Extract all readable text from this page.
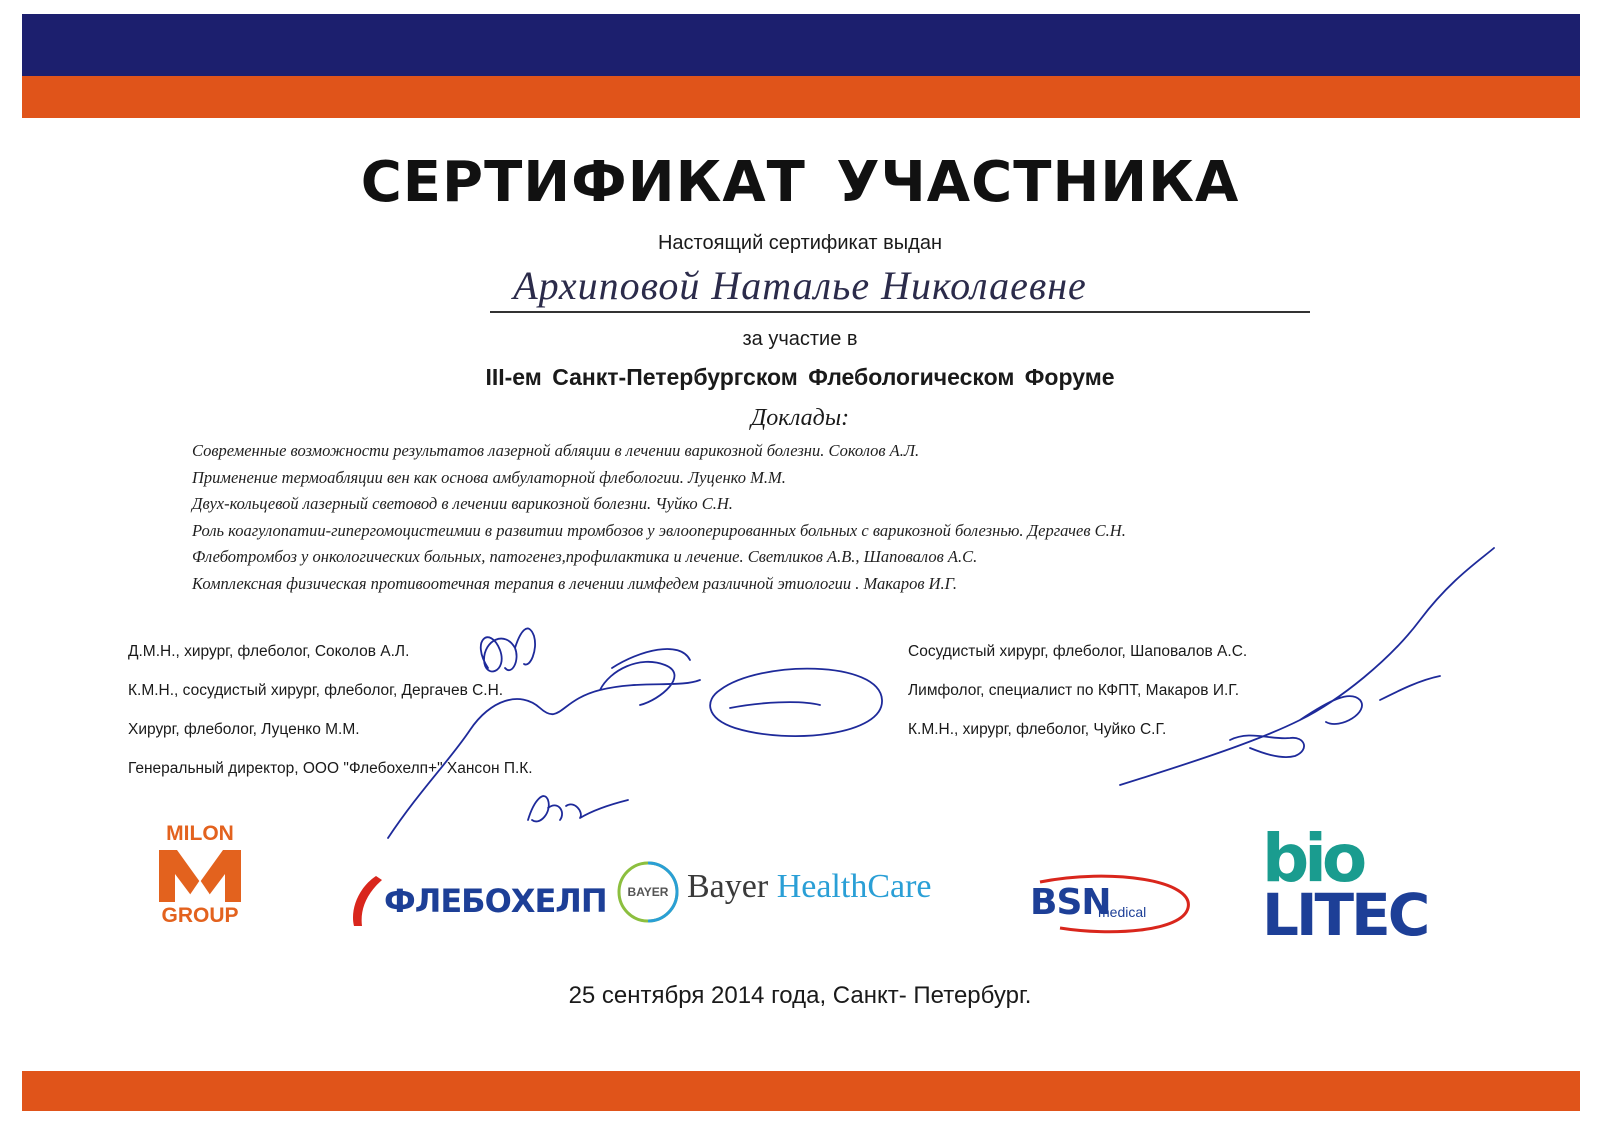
СЕРТИФИКАТ УЧАСТНИКА
Настоящий сертификат выдан
Архиповой Наталье Николаевне
за участие в
III-ем Санкт-Петербургском Флебологическом Форуме
Доклады:
Современные возможности результатов лазерной абляции в лечении варикозной болезни. Соколов А.Л.
Применение термоабляции вен как основа амбулаторной флебологии. Луценко М.М.
Двух-кольцевой лазерный световод в лечении варикозной болезни. Чуйко С.Н.
Роль коагулопатии-гипергомоцистеимии в развитии тромбозов у эвлооперированных больных с варикозной болезнью. Дергачев С.Н.
Флеботромбоз у онкологических больных, патогенез,профилактика и лечение. Светликов А.В., Шаповалов А.С.
Комплексная физическая противоотечная терапия в лечении лимфедем различной этиологии . Макаров И.Г.
Д.М.Н., хирург, флеболог, Соколов А.Л.
К.М.Н., сосудистый хирург, флеболог, Дергачев С.Н.
Хирург, флеболог, Луценко М.М.
Генеральный директор, ООО "Флебохелп+" Хансон П.К.
Сосудистый хирург, флеболог, Шаповалов А.С.
Лимфолог, специалист по КФПТ, Макаров И.Г.
К.М.Н., хирург, флеболог, Чуйко С.Г.
MILON
GROUP	ФЛЕБОХЕЛП BAYER Bayer HealthCare	BSN
medical
bio
LITEC
25 сентября 2014 года, Санкт- Петербург.
